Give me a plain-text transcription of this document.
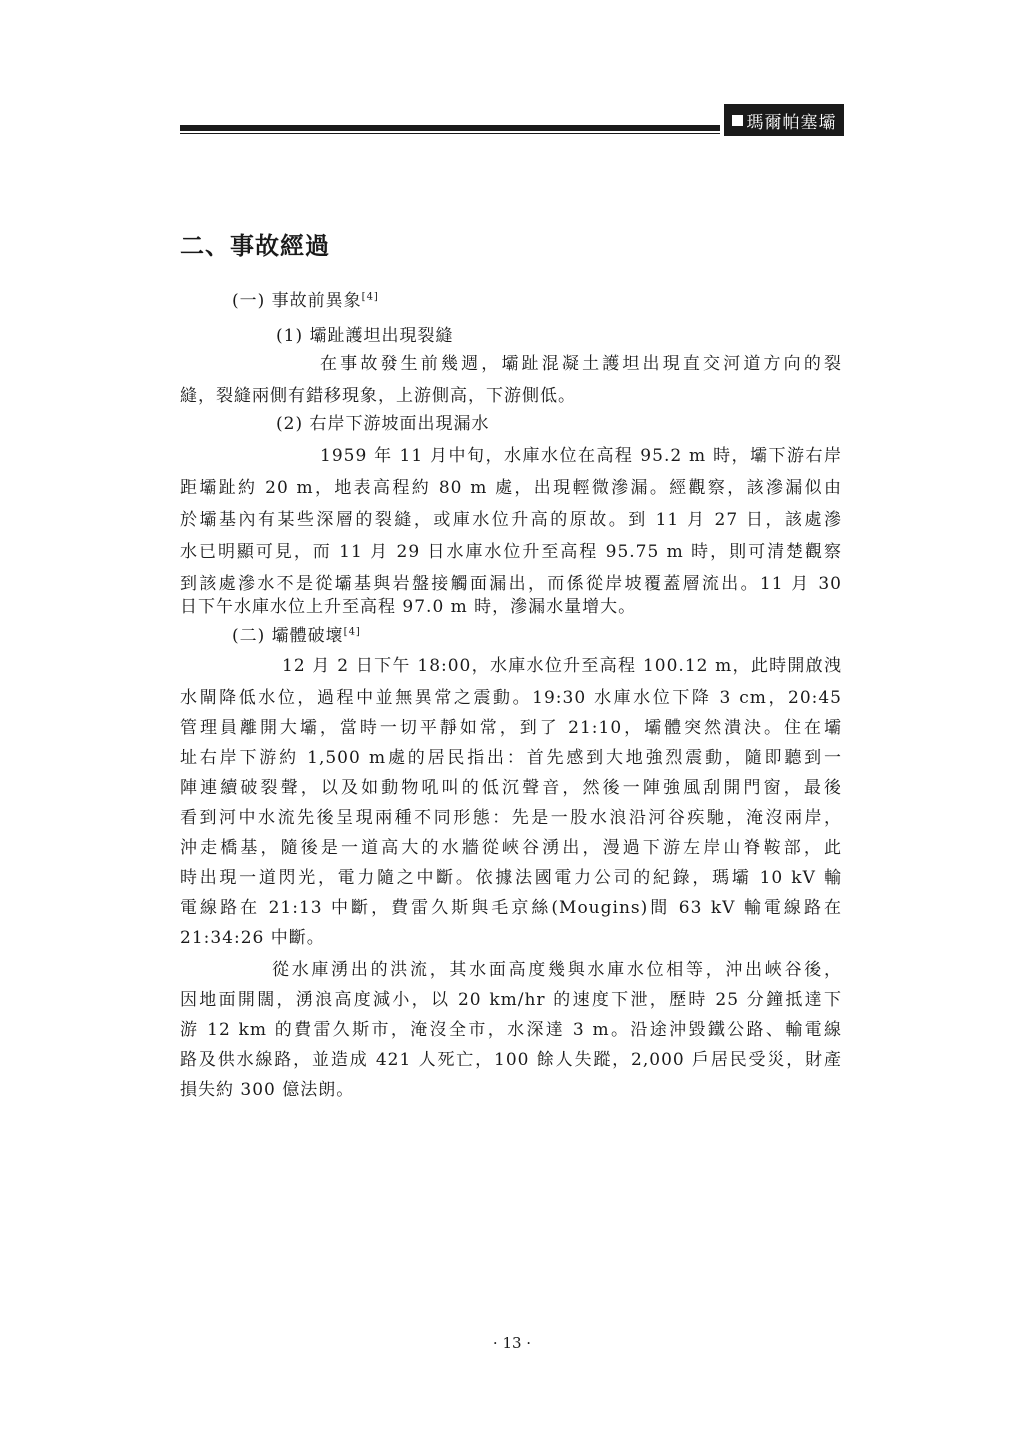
瑪爾帕塞壩
二、事故經過
(一) 事故前異象[4]
(1) 壩趾護坦出現裂縫
在事故發生前幾週，壩趾混凝土護坦出現直交河道方向的裂
縫，裂縫兩側有錯移現象，上游側高，下游側低。
(2) 右岸下游坡面出現漏水
1959 年 11 月中旬，水庫水位在高程 95.2 m 時，壩下游右岸
距壩趾約 20 m，地表高程約 80 m 處，出現輕微滲漏。經觀察，該滲漏似由
於壩基內有某些深層的裂縫，或庫水位升高的原故。到 11 月 27 日，該處滲
水已明顯可見，而 11 月 29 日水庫水位升至高程 95.75 m 時，則可清楚觀察
到該處滲水不是從壩基與岩盤接觸面漏出，而係從岸坡覆蓋層流出。11 月 30
日下午水庫水位上升至高程 97.0 m 時，滲漏水量增大。
(二) 壩體破壞[4]
12 月 2 日下午 18:00，水庫水位升至高程 100.12 m，此時開啟洩
水閘降低水位，過程中並無異常之震動。19:30 水庫水位下降 3 cm，20:45
管理員離開大壩，當時一切平靜如常，到了 21:10，壩體突然潰決。住在壩
址右岸下游約 1,500 m處的居民指出：首先感到大地強烈震動，隨即聽到一
陣連續破裂聲，以及如動物吼叫的低沉聲音，然後一陣強風刮開門窗，最後
看到河中水流先後呈現兩種不同形態：先是一股水浪沿河谷疾馳，淹沒兩岸，
沖走橋基，隨後是一道高大的水牆從峽谷湧出，漫過下游左岸山脊鞍部，此
時出現一道閃光，電力隨之中斷。依據法國電力公司的紀錄，瑪壩 10 kV 輸
電線路在 21:13 中斷，費雷久斯與毛京絲(Mougins)間 63 kV 輸電線路在
21:34:26 中斷。
從水庫湧出的洪流，其水面高度幾與水庫水位相等，沖出峽谷後，
因地面開闊，湧浪高度減小，以 20 km/hr 的速度下泄，歷時 25 分鐘抵達下
游 12 km 的費雷久斯市，淹沒全市，水深達 3 m。沿途沖毀鐵公路、輸電線
路及供水線路，並造成 421 人死亡，100 餘人失蹤，2,000 戶居民受災，財產
損失約 300 億法朗。
· 13 ·
